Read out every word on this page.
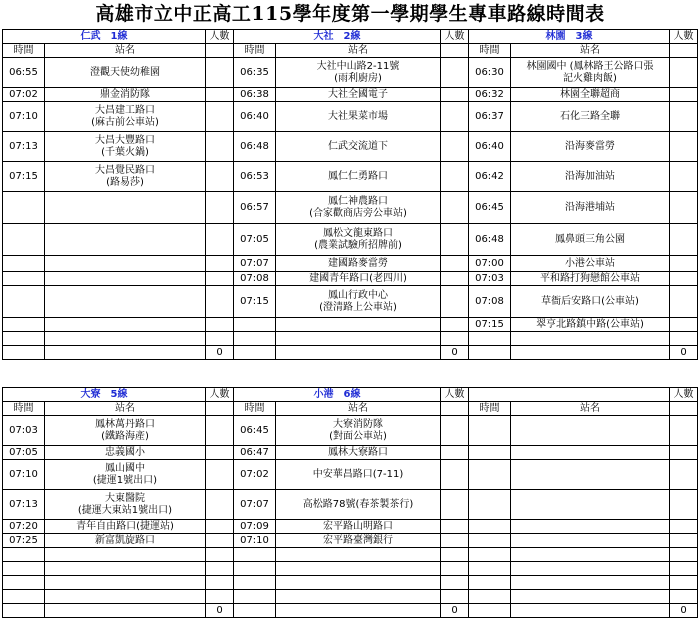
高雄市立中正高工115學年度第一學期學生專車路線時間表
仁武　1線		人數
時間	站名	
06:55	澄觀天使幼稚園	

07:02	鼎金消防隊	

07:10	大昌建工路口
(麻古前公車站)	

07:13	大昌大豐路口
(千葉火鍋)	

07:15	大昌覺民路口
(路易莎)	

		0
大社　2線		人數
時間	站名	
06:35	大社中山路2-11號
(雨利廚房)	

06:38	大社全國電子	

06:40	大社果菜市場	

06:48	仁武交流道下	

06:53	鳳仁仁勇路口	

06:57	鳳仁神農路口
(合家歡商店旁公車站)	

07:05	鳳松文龍東路口
(農業試驗所招牌前)	

07:07	建國路麥當勞	

07:08	建國青年路口(老四川)	

07:15	鳳山行政中心
(澄清路上公車站)	

		0
林園　3線		人數
時間	站名	
06:30	林園國中 (鳳林路王公路口張
記火雞肉飯)	

06:32	林園全聯超商	

06:37	石化三路全聯	

06:40	沿海麥當勞	

06:42	沿海加油站	

06:45	沿海港埔站	

06:48	鳳鼻頭三角公園	

07:00	小港公車站	

07:03	平和路打狗戀館公車站	

07:08	草衙后安路口(公車站)	

07:15	翠亨北路鎮中路(公車站)	

		0
大寮　5線		人數
時間	站名	
07:03	鳳林萬丹路口
(鐵路海產)	

07:05	忠義國小	

07:10	鳳山國中
(捷運1號出口)	

07:13	大東醫院
(捷運大東站1號出口)	

07:20	青年自由路口(捷運站)	

07:25	新富凱旋路口	

		0
小港　6線		人數
時間	站名	
06:45	大寮消防隊
(對面公車站)	

06:47	鳳林大寮路口	

07:02	中安華昌路口(7-11)	

07:07	高松路78號(春茶製茶行)	

07:09	宏平路山明路口	

07:10	宏平路臺灣銀行	

		0
		人數
時間	站名	

		0
